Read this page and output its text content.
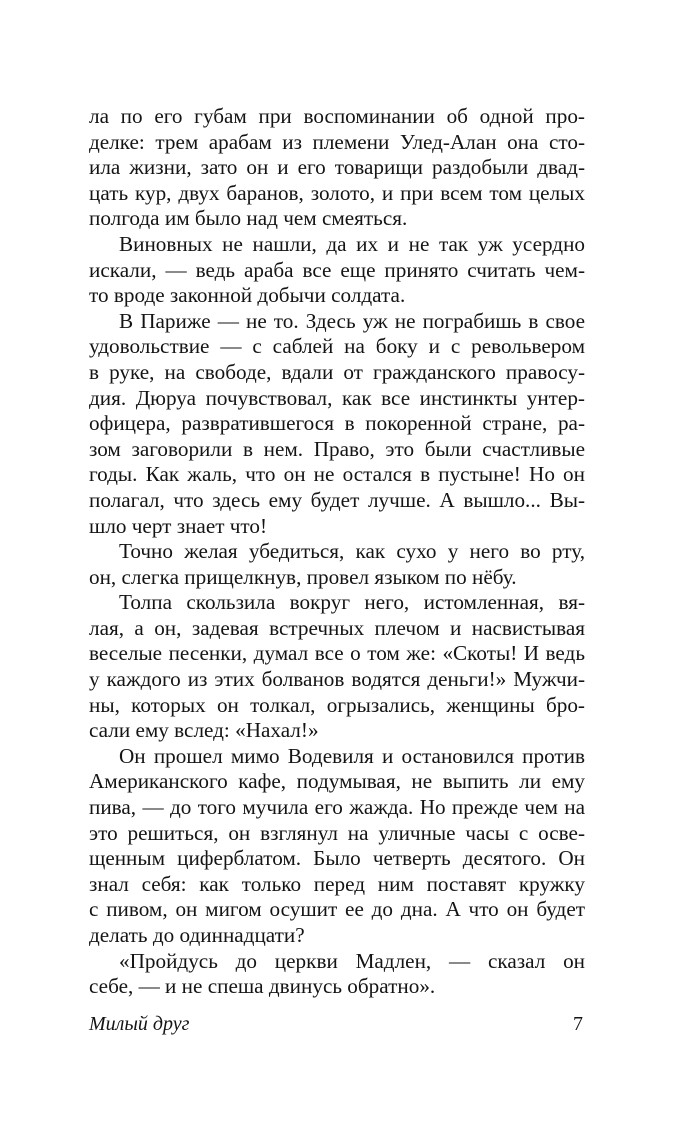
ла по его губам при воспоминании об одной про-
делке: трем арабам из племени Улед-Алан она сто-
ила жизни, зато он и его товарищи раздобыли двад-
цать кур, двух баранов, золото, и при всем том целых
полгода им было над чем смеяться.
Виновных не нашли, да их и не так уж усердно
искали, — ведь араба все еще принято считать чем-
то вроде законной добычи солдата.
В Париже — не то. Здесь уж не пограбишь в свое
удовольствие — с саблей на боку и с револьвером
в руке, на свободе, вдали от гражданского правосу-
дия. Дюруа почувствовал, как все инстинкты унтер-
офицера, развратившегося в покоренной стране, ра-
зом заговорили в нем. Право, это были счастливые
годы. Как жаль, что он не остался в пустыне! Но он
полагал, что здесь ему будет лучше. А вышло... Вы-
шло черт знает что!
Точно желая убедиться, как сухо у него во рту,
он, слегка прищелкнув, провел языком по нёбу.
Толпа скользила вокруг него, истомленная, вя-
лая, а он, задевая встречных плечом и насвистывая
веселые песенки, думал все о том же: «Скоты! И ведь
у каждого из этих болванов водятся деньги!» Мужчи-
ны, которых он толкал, огрызались, женщины бро-
сали ему вслед: «Нахал!»
Он прошел мимо Водевиля и остановился против
Американского кафе, подумывая, не выпить ли ему
пива, — до того мучила его жажда. Но прежде чем на
это решиться, он взглянул на уличные часы с осве-
щенным циферблатом. Было четверть десятого. Он
знал себя: как только перед ним поставят кружку
с пивом, он мигом осушит ее до дна. А что он будет
делать до одиннадцати?
«Пройдусь до церкви Мадлен, — сказал он
себе, — и не спеша двинусь обратно».
Милый друг	7
